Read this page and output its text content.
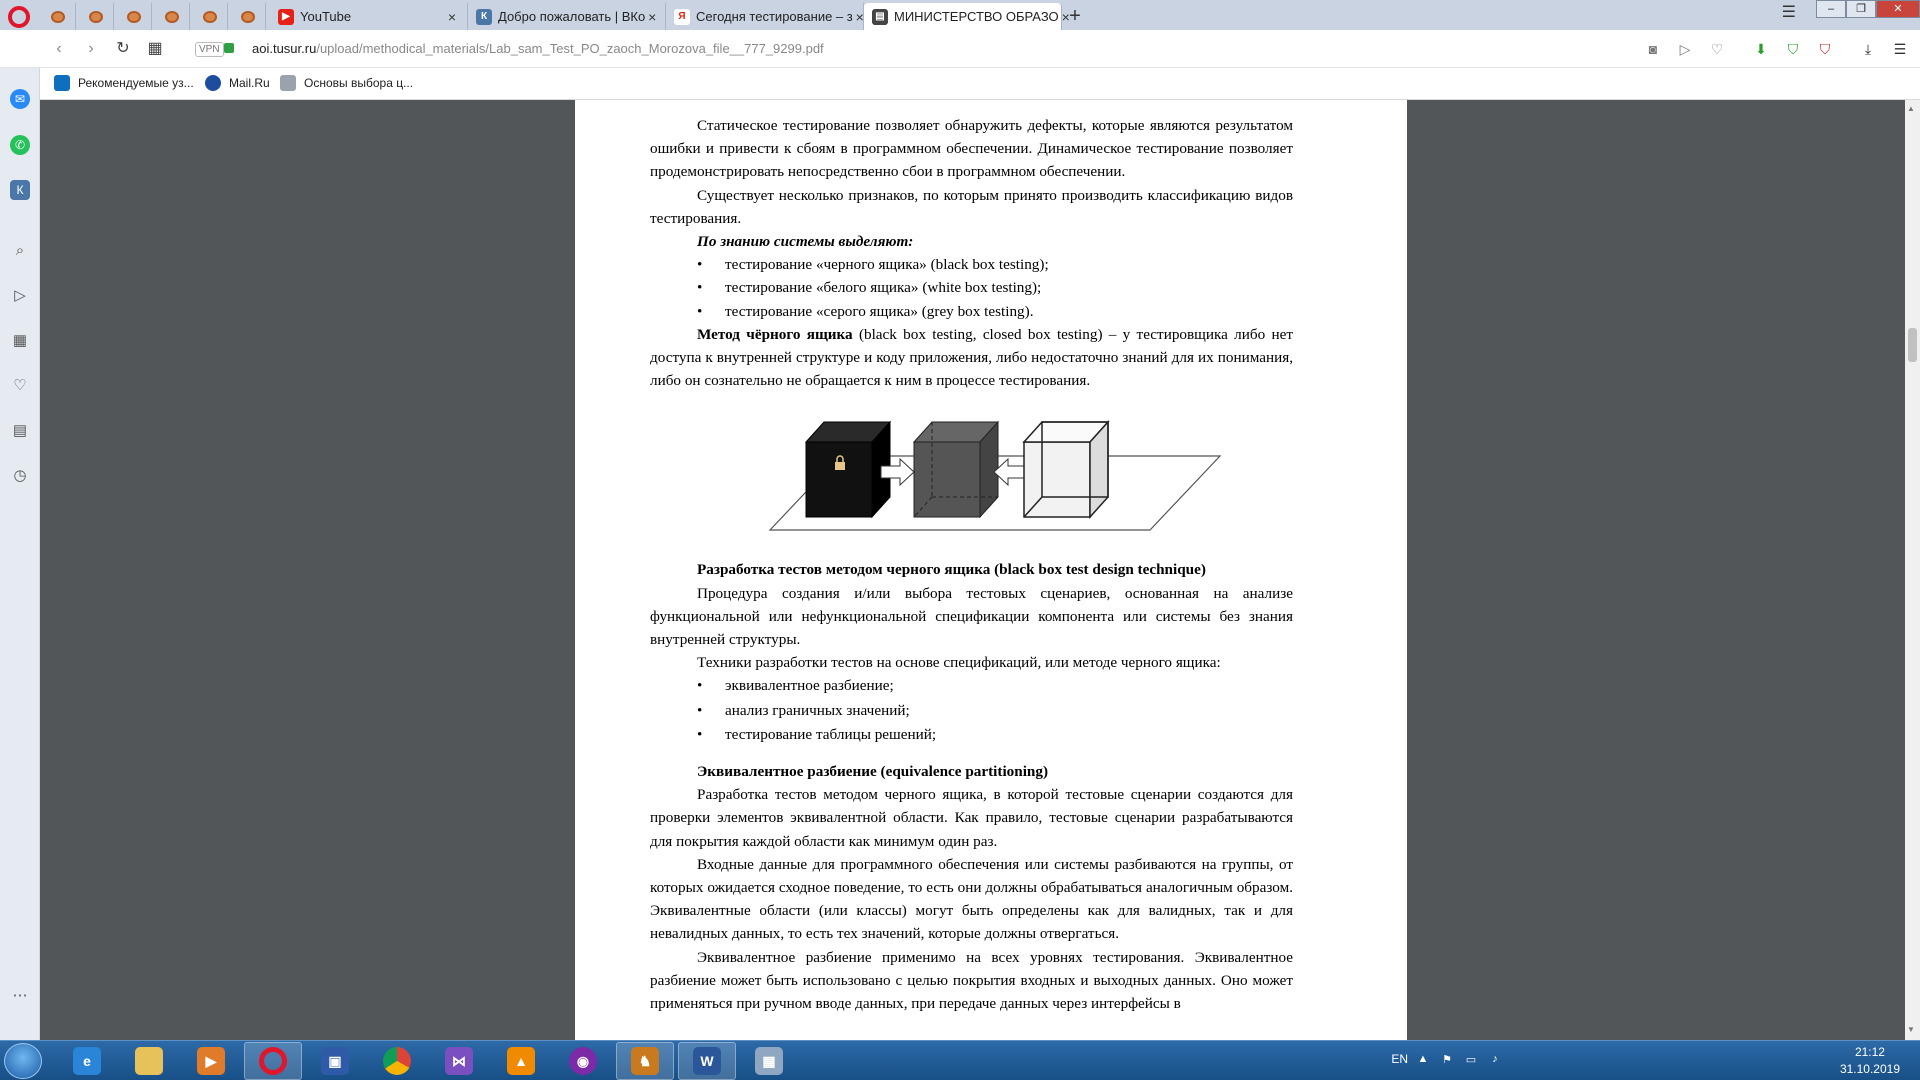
▶ YouTube	×	К Добро пожаловать | ВКо ×	Я Сегодня тестирование – з ×	▤ МИНИСТЕРСТВО ОБРАЗО × +	☰	–	❐	✕
‹	›	↻ ▦	VPN	aoi.tusur.ru/upload/methodical_materials/Lab_sam_Test_PO_zaoch_Morozova_file__777_9299.pdf	◙	▷	♡ ⬇	⛉	⛉	⤓	☰
Рекомендуемые уз...	Mail.Ru	Основы выбора ц...
✉
✆
К
⌕
▷
▦
♡
▤
◷
⋯

Статическое тестирование позволяет обнаружить дефекты, которые являются результатом ошибки и привести к сбоям в программном обеспечении. Динамическое тестирование позволяет продемонстрировать непосредственно сбои в программном обеспечении.

Существует несколько признаков, по которым принято производить классификацию видов тестирования.

По знанию системы выделяют:

• тестирование «черного ящика» (black box testing);
• тестирование «белого ящика» (white box testing);
• тестирование «серого ящика» (grey box testing).

Метод чёрного ящика (black box testing, closed box testing) – у тестировщика либо нет доступа к внутренней структуре и коду приложения, либо недостаточно знаний для их понимания, либо он сознательно не обращается к ним в процессе тестирования.

Разработка тестов методом черного ящика (black box test design technique)

Процедура создания и/или выбора тестовых сценариев, основанная на анализе функциональной или нефункциональной спецификации компонента или системы без знания внутренней структуры.

Техники разработки тестов на основе спецификаций, или методе черного ящика:

• эквивалентное разбиение;
• анализ граничных значений;
• тестирование таблицы решений;

Эквивалентное разбиение (equivalence partitioning)

Разработка тестов методом черного ящика, в которой тестовые сценарии создаются для проверки элементов эквивалентной области. Как правило, тестовые сценарии разрабатываются для покрытия каждой области как минимум один раз.

Входные данные для программного обеспечения или системы разбиваются на группы, от которых ожидается сходное поведение, то есть они должны обрабатываться аналогичным образом. Эквивалентные области (или классы) могут быть определены как для валидных, так и для невалидных данных, то есть тех значений, которые должны отвергаться.

Эквивалентное разбиение применимо на всех уровнях тестирования. Эквивалентное разбиение может быть использовано с целью покрытия входных и выходных данных. Оно может применяться при ручном вводе данных, при передаче данных через интерфейсы в

▲
▼
e	▶	▣	⋈	▲	◉	♞	W	▦	EN ▲ ⚑ ▭	♪	21:12
31.10.2019
